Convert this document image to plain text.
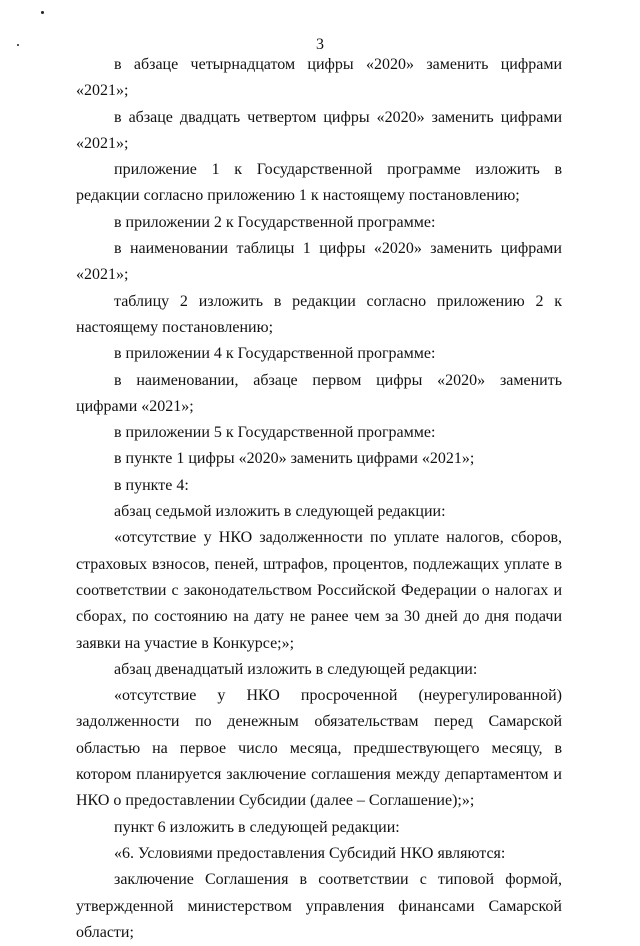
3

в абзаце четырнадцатом цифры «2020» заменить цифрами «2021»;

в абзаце двадцать четвертом цифры «2020» заменить цифрами «2021»;

приложение 1 к Государственной программе изложить в редакции согласно приложению 1 к настоящему постановлению;

в приложении 2 к Государственной программе:

в наименовании таблицы 1 цифры «2020» заменить цифрами «2021»;

таблицу 2 изложить в редакции согласно приложению 2 к настоящему постановлению;

в приложении 4 к Государственной программе:

в наименовании, абзаце первом цифры «2020» заменить цифрами «2021»;

в приложении 5 к Государственной программе:

в пункте 1 цифры «2020» заменить цифрами «2021»;

в пункте 4:

абзац седьмой изложить в следующей редакции:

«отсутствие у НКО задолженности по уплате налогов, сборов, страховых взносов, пеней, штрафов, процентов, подлежащих уплате в соответствии с законодательством Российской Федерации о налогах и сборах, по состоянию на дату не ранее чем за 30 дней до дня подачи заявки на участие в Конкурсе;»;

абзац двенадцатый изложить в следующей редакции:

«отсутствие у НКО просроченной (неурегулированной) задолженности по денежным обязательствам перед Самарской областью на первое число месяца, предшествующего месяцу, в котором планируется заключение соглашения между департаментом и НКО о предоставлении Субсидии (далее – Соглашение);»;

пункт 6 изложить в следующей редакции:

«6. Условиями предоставления Субсидий НКО являются:

заключение Соглашения в соответствии с типовой формой, утвержденной министерством управления финансами Самарской области;
